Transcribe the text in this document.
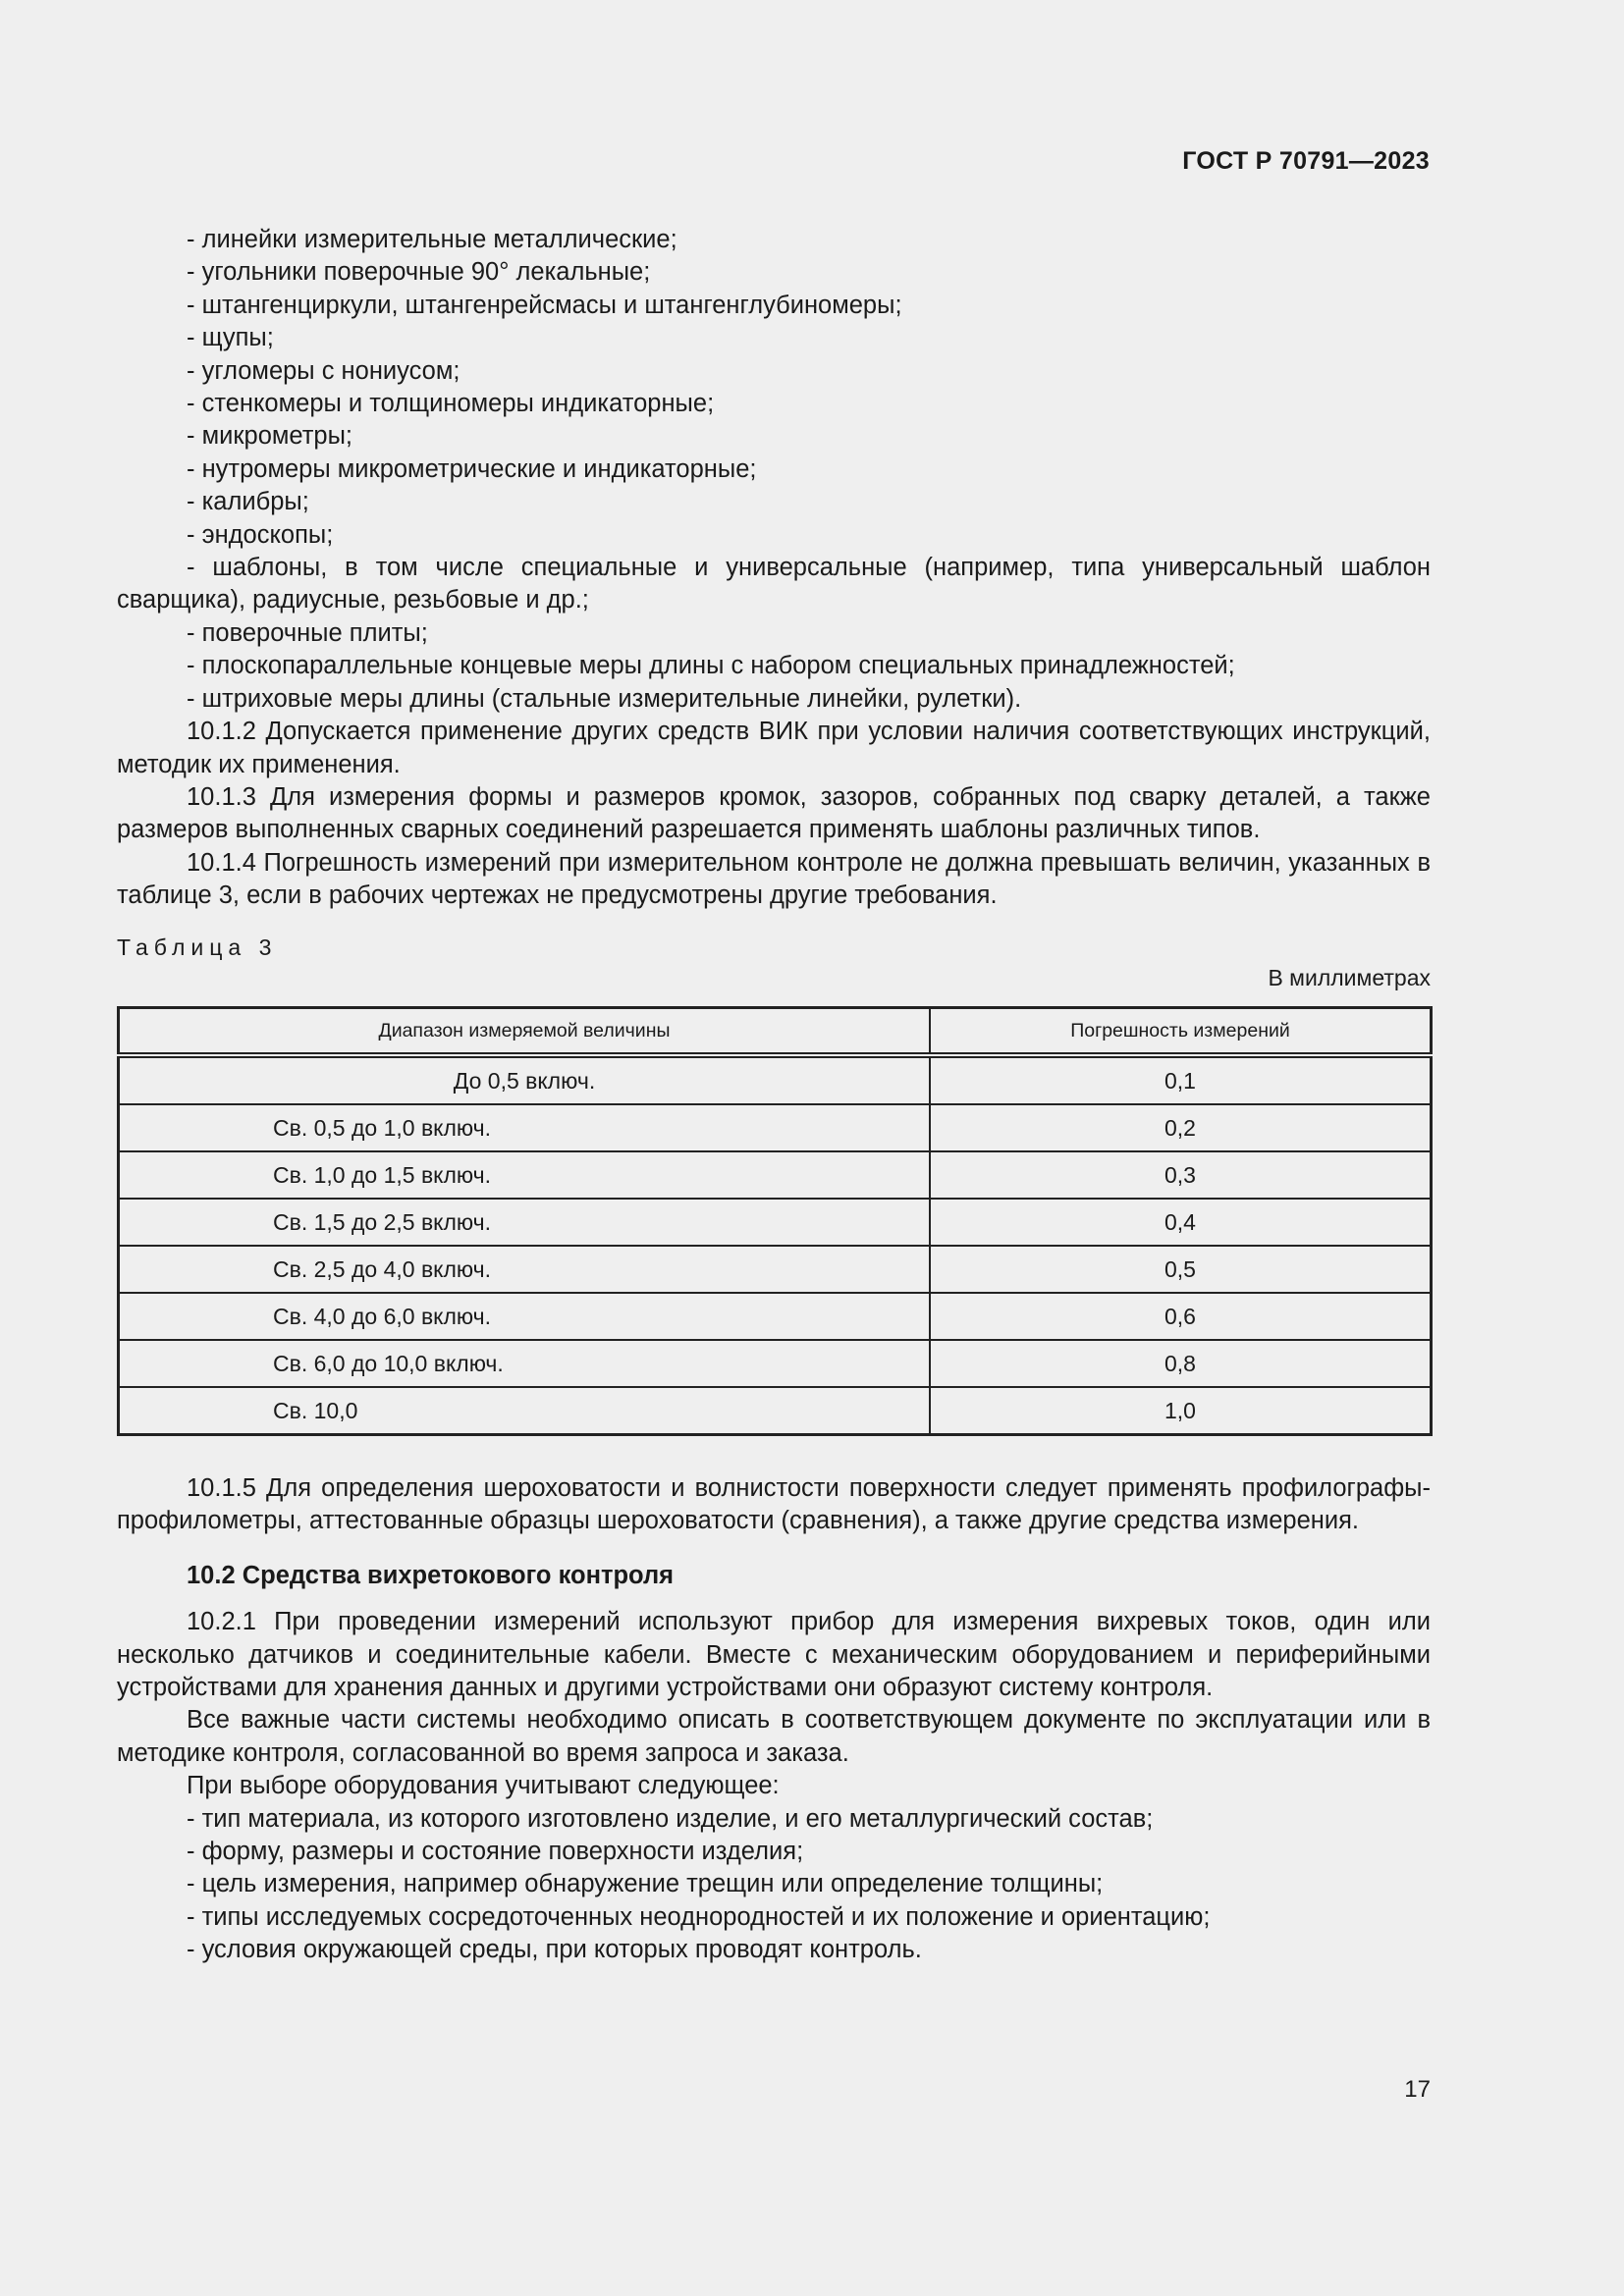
ГОСТ Р 70791—2023

- линейки измерительные металлические;

- угольники поверочные 90° лекальные;

- штангенциркули, штангенрейсмасы и штангенглубиномеры;

- щупы;

- угломеры с нониусом;

- стенкомеры и толщиномеры индикаторные;

- микрометры;

- нутромеры микрометрические и индикаторные;

- калибры;

- эндоскопы;

- шаблоны, в том числе специальные и универсальные (например, типа универсальный шаблон сварщика), радиусные, резьбовые и др.;

- поверочные плиты;

- плоскопараллельные концевые меры длины с набором специальных принадлежностей;

- штриховые меры длины (стальные измерительные линейки, рулетки).

10.1.2 Допускается применение других средств ВИК при условии наличия соответствующих инструкций, методик их применения.

10.1.3 Для измерения формы и размеров кромок, зазоров, собранных под сварку деталей, а также размеров выполненных сварных соединений разрешается применять шаблоны различных типов.

10.1.4 Погрешность измерений при измерительном контроле не должна превышать величин, указанных в таблице 3, если в рабочих чертежах не предусмотрены другие требования.

Таблица 3
В миллиметрах
Диапазон измеряемой величины	Погрешность измерений
До 0,5 включ.	0,1
Св. 0,5 до 1,0 включ.	0,2
Св. 1,0 до 1,5 включ.	0,3
Св. 1,5 до 2,5 включ.	0,4
Св. 2,5 до 4,0 включ.	0,5
Св. 4,0 до 6,0 включ.	0,6
Св. 6,0 до 10,0 включ.	0,8
Св. 10,0	1,0

10.1.5 Для определения шероховатости и волнистости поверхности следует применять профилографы-профилометры, аттестованные образцы шероховатости (сравнения), а также другие средства измерения.

10.2 Средства вихретокового контроля

10.2.1 При проведении измерений используют прибор для измерения вихревых токов, один или несколько датчиков и соединительные кабели. Вместе с механическим оборудованием и периферийными устройствами для хранения данных и другими устройствами они образуют систему контроля.

Все важные части системы необходимо описать в соответствующем документе по эксплуатации или в методике контроля, согласованной во время запроса и заказа.

При выборе оборудования учитывают следующее:

- тип материала, из которого изготовлено изделие, и его металлургический состав;

- форму, размеры и состояние поверхности изделия;

- цель измерения, например обнаружение трещин или определение толщины;

- типы исследуемых сосредоточенных неоднородностей и их положение и ориентацию;

- условия окружающей среды, при которых проводят контроль.

17
